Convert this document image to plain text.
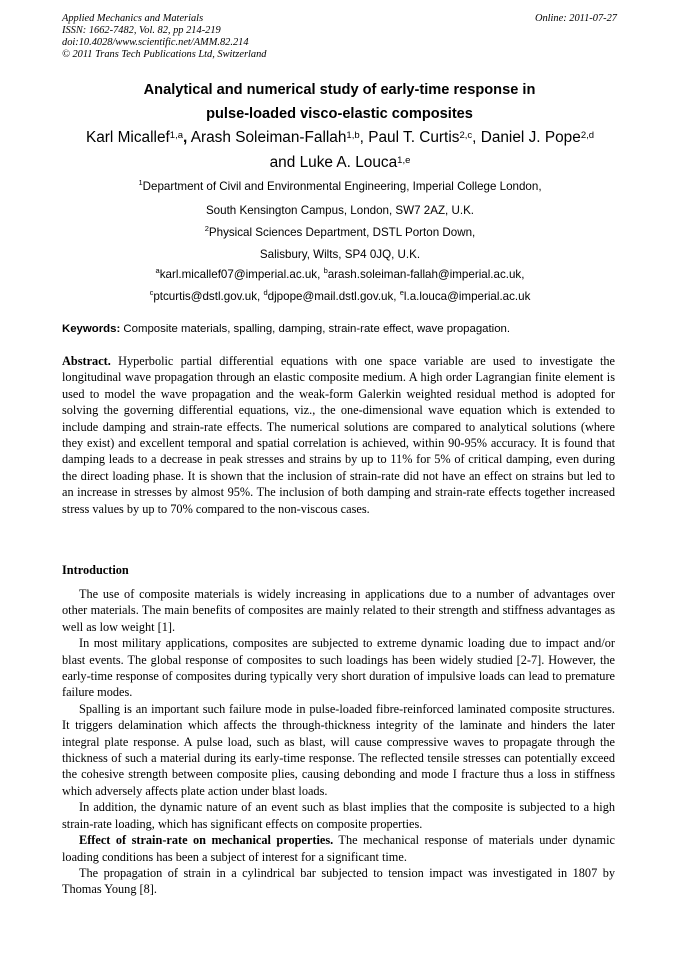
Applied Mechanics and Materials
ISSN: 1662-7482, Vol. 82, pp 214-219
doi:10.4028/www.scientific.net/AMM.82.214
© 2011 Trans Tech Publications Ltd, Switzerland
Online: 2011-07-27
Analytical and numerical study of early-time response in
pulse-loaded visco-elastic composites
Karl Micallef$^{1,a}$, Arash Soleiman-Fallah$^{1,b}$, Paul T. Curtis$^{2,c}$, Daniel J. Pope$^{2,d}$
and Luke A. Louca$^{1,e}$
$^1$Department of Civil and Environmental Engineering, Imperial College London,
South Kensington Campus, London, SW7 2AZ, U.K.
$^2$Physical Sciences Department, DSTL Porton Down,
Salisbury, Wilts, SP4 0JQ, U.K.
$^a$karl.micallef07@imperial.ac.uk, $^b$arash.soleiman-fallah@imperial.ac.uk,
$^c$ptcurtis@dstl.gov.uk, $^d$djpope@mail.dstl.gov.uk, $^e$l.a.louca@imperial.ac.uk
Keywords: Composite materials, spalling, damping, strain-rate effect, wave propagation.
Abstract. Hyperbolic partial differential equations with one space variable are used to investigate the longitudinal wave propagation through an elastic composite medium. A high order Lagrangian finite element is used to model the wave propagation and the weak-form Galerkin weighted residual method is adopted for solving the governing differential equations, viz., the one-dimensional wave equation which is extended to include damping and strain-rate effects. The numerical solutions are compared to analytical solutions (where they exist) and excellent temporal and spatial correlation is achieved, within 90-95% accuracy. It is found that damping leads to a decrease in peak stresses and strains by up to 11% for 5% of critical damping, even during the direct loading phase. It is shown that the inclusion of strain-rate did not have an effect on strains but led to an increase in stresses by almost 95%. The inclusion of both damping and strain-rate effects together increased stress values by up to 70% compared to the non-viscous cases.
Introduction

The use of composite materials is widely increasing in applications due to a number of advantages over other materials. The main benefits of composites are mainly related to their strength and stiffness advantages as well as low weight [1].

In most military applications, composites are subjected to extreme dynamic loading due to impact and/or blast events. The global response of composites to such loadings has been widely studied [2-7]. However, the early-time response of composites during typically very short duration of impulsive loads can lead to premature failure modes.

Spalling is an important such failure mode in pulse-loaded fibre-reinforced laminated composite structures. It triggers delamination which affects the through-thickness integrity of the laminate and hinders the later integral plate response. A pulse load, such as blast, will cause compressive waves to propagate through the thickness of such a material during its early-time response. The reflected tensile stresses can potentially exceed the cohesive strength between composite plies, causing debonding and mode I fracture thus a loss in stiffness which adversely affects plate action under blast loads.

In addition, the dynamic nature of an event such as blast implies that the composite is subjected to a high strain-rate loading, which has significant effects on composite properties.

Effect of strain-rate on mechanical properties. The mechanical response of materials under dynamic loading conditions has been a subject of interest for a significant time.

The propagation of strain in a cylindrical bar subjected to tension impact was investigated in 1807 by Thomas Young [8].
